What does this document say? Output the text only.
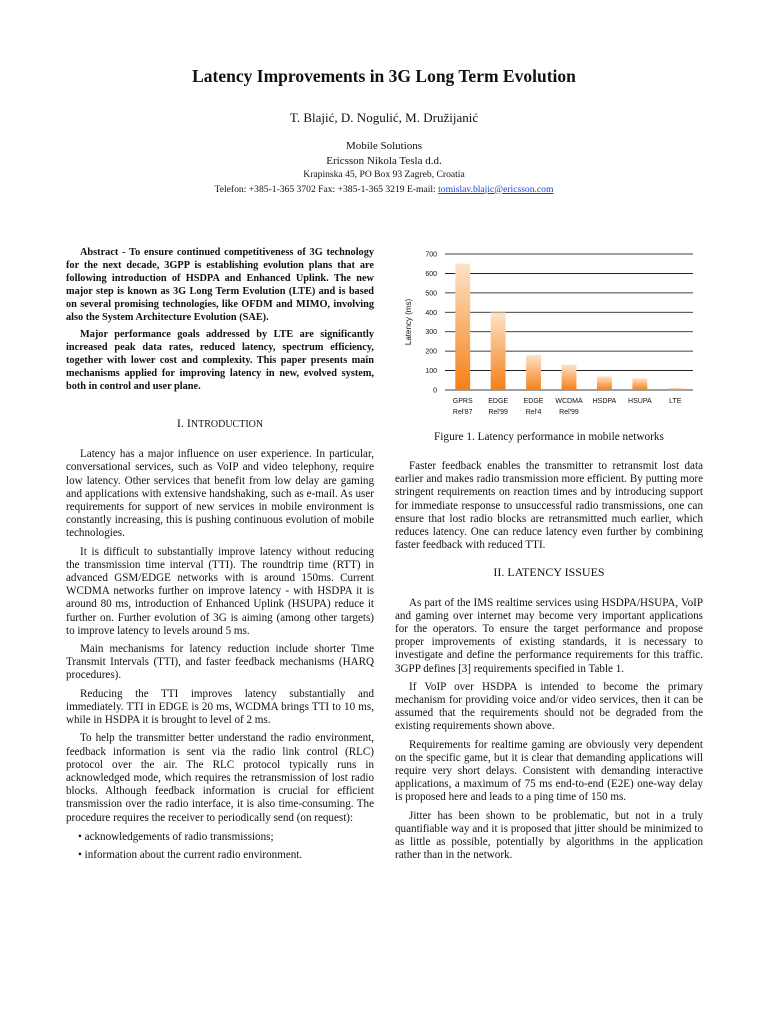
Latency Improvements in 3G Long Term Evolution
T. Blajić, D. Nogulić, M. Družijanić
Mobile Solutions
Ericsson Nikola Tesla d.d.
Krapinska 45, PO Box 93 Zagreb, Croatia
Telefon: +385-1-365 3702 Fax: +385-1-365 3219 E-mail: tomislav.blajic@ericsson.com

Abstract - To ensure continued competitiveness of 3G technology for the next decade, 3GPP is establishing evolution plans that are following introduction of HSDPA and Enhanced Uplink. The new major step is known as 3G Long Term Evolution (LTE) and is based on several promising technologies, like OFDM and MIMO, involving also the System Architecture Evolution (SAE).

Major performance goals addressed by LTE are significantly increased peak data rates, reduced latency, spectrum efficiency, together with lower cost and complexity. This paper presents main mechanisms applied for improving latency in new, evolved system, both in control and user plane.

I. INTRODUCTION

Latency has a major influence on user experience. In particular, conversational services, such as VoIP and video telephony, require low latency. Other services that benefit from low delay are gaming and applications with extensive handshaking, such as e-mail. As user requirements for support of new services in mobile environment is constantly increasing, this is pushing continuous evolution of mobile technologies.

It is difficult to substantially improve latency without reducing the transmission time interval (TTI). The roundtrip time (RTT) in advanced GSM/EDGE networks with is around 150ms. Current WCDMA networks further on improve latency - with HSDPA it is around 80 ms, introduction of Enhanced Uplink (HSUPA) reduce it further on. Further evolution of 3G is aiming (among other targets) to improve latency to levels around 5 ms.

Main mechanisms for latency reduction include shorter Time Transmit Intervals (TTI), and faster feedback mechanisms (HARQ procedures).

Reducing the TTI improves latency substantially and immediately. TTI in EDGE is 20 ms, WCDMA brings TTI to 10 ms, while in HSDPA it is brought to level of 2 ms.

To help the transmitter better understand the radio environment, feedback information is sent via the radio link control (RLC) protocol over the air. The RLC protocol typically runs in acknowledged mode, which requires the retransmission of lost radio blocks. Although feedback information is crucial for efficient transmission over the radio interface, it is also time-consuming. The procedure requires the receiver to periodically send (on request):

• acknowledgements of radio transmissions;
• information about the current radio environment.
0
100
200
300
400
500
600
700
GPRS
Rel'87
EDGE
Rel'99
EDGE
Rel'4
WCDMA
Rel'99
HSDPA HSUPA LTE
Latency (ms)
Figure 1. Latency performance in mobile networks

Faster feedback enables the transmitter to retransmit lost data earlier and makes radio transmission more efficient. By putting more stringent requirements on reaction times and by introducing support for immediate response to unsuccessful radio transmissions, one can ensure that lost radio blocks are retransmitted much earlier, which reduces latency. One can reduce latency even further by combining faster feedback with reduced TTI.

II. LATENCY ISSUES

As part of the IMS realtime services using HSDPA/HSUPA, VoIP and gaming over internet may become very important applications for the operators. To ensure the target performance and propose proper improvements of existing standards, it is necessary to investigate and define the performance requirements for this traffic. 3GPP defines [3] requirements specified in Table 1.

If VoIP over HSDPA is intended to become the primary mechanism for providing voice and/or video services, then it can be assumed that the requirements should not be degraded from the existing requirements shown above.

Requirements for realtime gaming are obviously very dependent on the specific game, but it is clear that demanding applications will require very short delays. Consistent with demanding interactive applications, a maximum of 75 ms end-to-end (E2E) one-way delay is proposed here and leads to a ping time of 150 ms.

Jitter has been shown to be problematic, but not in a truly quantifiable way and it is proposed that jitter should be minimized to as little as possible, potentially by algorithms in the application rather than in the network.
